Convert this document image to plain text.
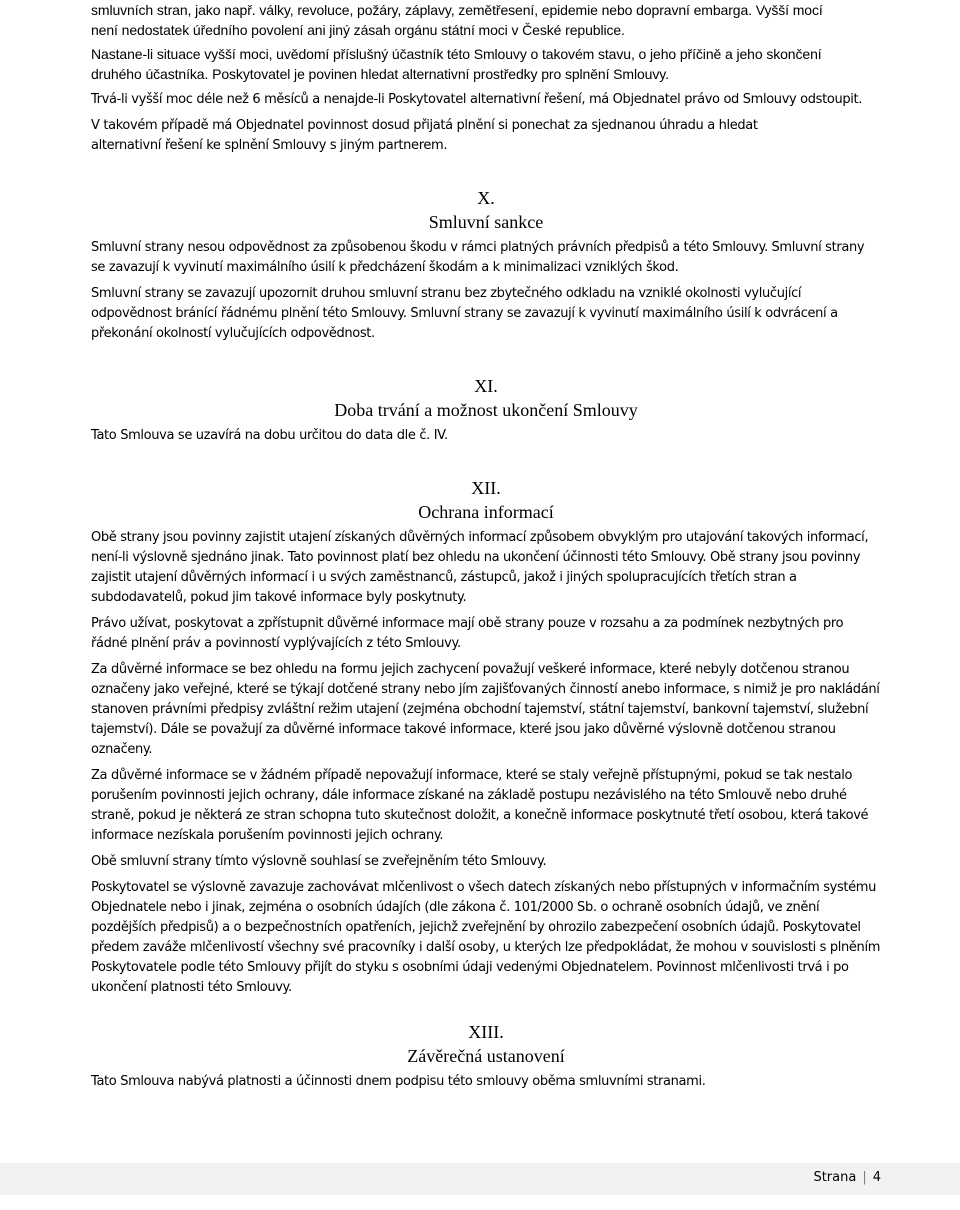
smluvních stran, jako např. války, revoluce, požáry, záplavy, zemětřesení, epidemie nebo dopravní embarga. Vyšší mocí není nedostatek úředního povolení ani jiný zásah orgánu státní moci v České republice.

Nastane-li situace vyšší moci, uvědomí příslušný účastník této Smlouvy o takovém stavu, o jeho příčině a jeho skončení druhého účastníka. Poskytovatel je povinen hledat alternativní prostředky pro splnění Smlouvy.

Trvá-li vyšší moc déle než 6 měsíců a nenajde-li Poskytovatel alternativní řešení, má Objednatel právo od Smlouvy odstoupit.

V takovém případě má Objednatel povinnost dosud přijatá plnění si ponechat za sjednanou úhradu a hledat alternativní řešení ke splnění Smlouvy s jiným partnerem.

X.

Smluvní sankce

Smluvní strany nesou odpovědnost za způsobenou škodu v rámci platných právních předpisů a této Smlouvy. Smluvní strany se zavazují k vyvinutí maximálního úsilí k předcházení škodám a k minimalizaci vzniklých škod.

Smluvní strany se zavazují upozornit druhou smluvní stranu bez zbytečného odkladu na vzniklé okolnosti vylučující odpovědnost bránící řádnému plnění této Smlouvy. Smluvní strany se zavazují k vyvinutí maximálního úsilí k odvrácení a překonání okolností vylučujících odpovědnost.

XI.

Doba trvání a možnost ukončení Smlouvy

Tato Smlouva se uzavírá na dobu určitou do data dle č. IV.

XII.

Ochrana informací

Obě strany jsou povinny zajistit utajení získaných důvěrných informací způsobem obvyklým pro utajování takových informací, není-li výslovně sjednáno jinak. Tato povinnost platí bez ohledu na ukončení účinnosti této Smlouvy. Obě strany jsou povinny zajistit utajení důvěrných informací i u svých zaměstnanců, zástupců, jakož i jiných spolupracujících třetích stran a subdodavatelů, pokud jim takové informace byly poskytnuty.

Právo užívat, poskytovat a zpřístupnit důvěrné informace mají obě strany pouze v rozsahu a za podmínek nezbytných pro řádné plnění práv a povinností vyplývajících z této Smlouvy.

Za důvěrné informace se bez ohledu na formu jejich zachycení považují veškeré informace, které nebyly dotčenou stranou označeny jako veřejné, které se týkají dotčené strany nebo jím zajišťovaných činností anebo informace, s nimiž je pro nakládání stanoven právními předpisy zvláštní režim utajení (zejména obchodní tajemství, státní tajemství, bankovní tajemství, služební tajemství). Dále se považují za důvěrné informace takové informace, které jsou jako důvěrné výslovně dotčenou stranou označeny.

Za důvěrné informace se v žádném případě nepovažují informace, které se staly veřejně přístupnými, pokud se tak nestalo porušením povinnosti jejich ochrany, dále informace získané na základě postupu nezávislého na této Smlouvě nebo druhé straně, pokud je některá ze stran schopna tuto skutečnost doložit, a konečně informace poskytnuté třetí osobou, která takové informace nezískala porušením povinnosti jejich ochrany.

Obě smluvní strany tímto výslovně souhlasí se zveřejněním této Smlouvy.

Poskytovatel se výslovně zavazuje zachovávat mlčenlivost o všech datech získaných nebo přístupných v informačním systému Objednatele nebo i jinak, zejména o osobních údajích (dle zákona č. 101/2000 Sb. o ochraně osobních údajů, ve znění pozdějších předpisů) a o bezpečnostních opatřeních, jejichž zveřejnění by ohrozilo zabezpečení osobních údajů. Poskytovatel předem zaváže mlčenlivostí všechny své pracovníky i další osoby, u kterých lze předpokládat, že mohou v souvislosti s plněním Poskytovatele podle této Smlouvy přijít do styku s osobními údaji vedenými Objednatelem. Povinnost mlčenlivosti trvá i po ukončení platnosti této Smlouvy.

XIII.

Závěrečná ustanovení

Tato Smlouva nabývá platnosti a účinnosti dnem podpisu této smlouvy oběma smluvními stranami.

Strana | 4
